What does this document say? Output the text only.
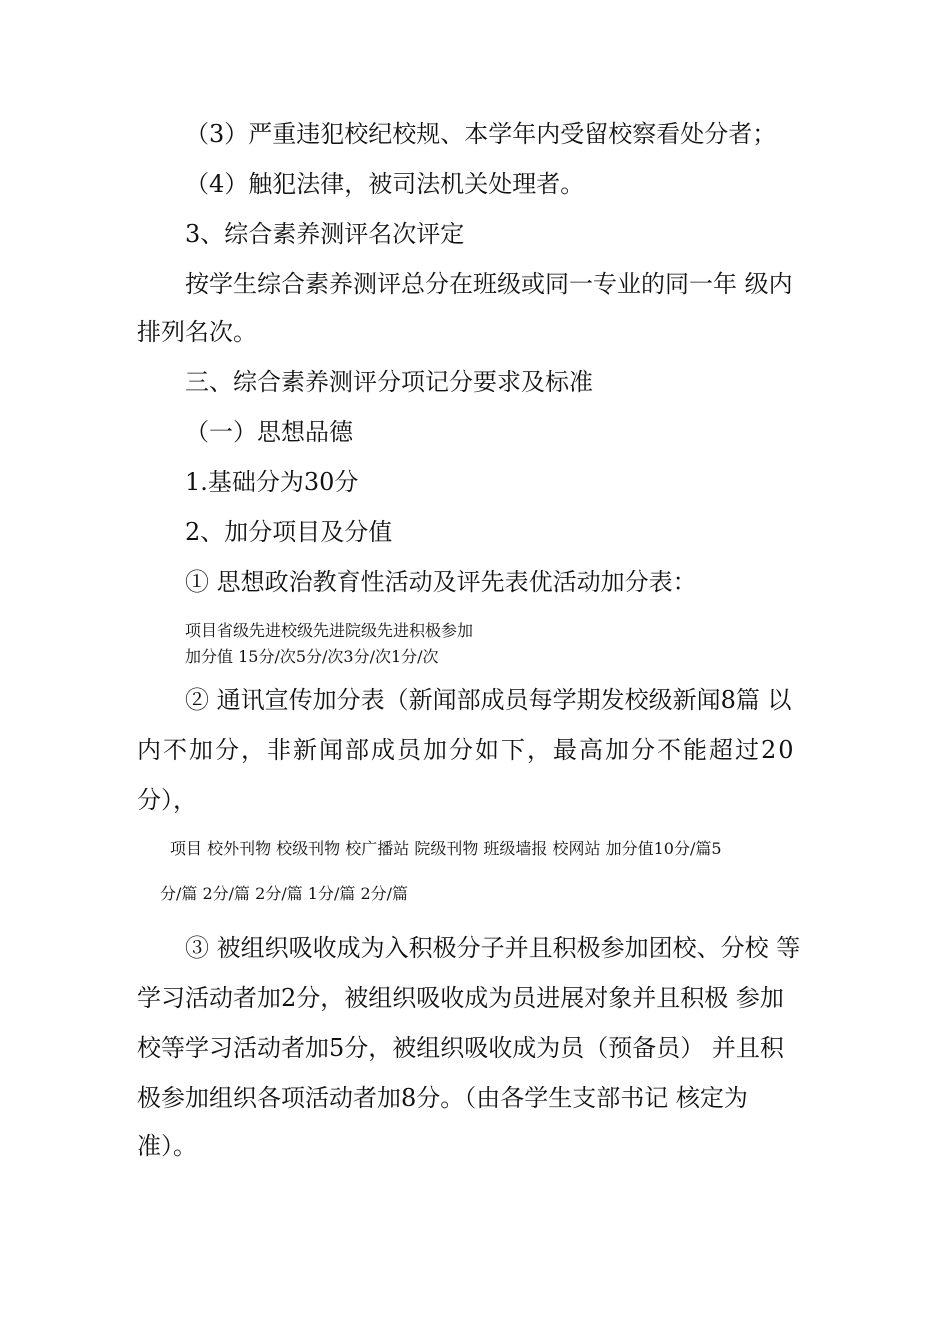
（3）严重违犯校纪校规、本学年内受留校察看处分者；
（4）触犯法律，被司法机关处理者。
3、综合素养测评名次评定
按学生综合素养测评总分在班级或同一专业的同一年 级内
排列名次。
三、综合素养测评分项记分要求及标准
（一）思想品德
1.基础分为30分
2、加分项目及分值
① 思想政治教育性活动及评先表优活动加分表：
项目省级先进校级先进院级先进积极参加
加分值 15分/次5分/次3分/次1分/次
② 通讯宣传加分表（新闻部成员每学期发校级新闻8篇 以
内不加分，非新闻部成员加分如下，最高加分不能超过20
分），
项目 校外刊物 校级刊物 校广播站 院级刊物 班级墙报 校网站 加分值10分/篇5
分/篇 2分/篇 2分/篇 1分/篇 2分/篇
③ 被组织吸收成为入积极分子并且积极参加团校、分校 等
学习活动者加2分，被组织吸收成为员进展对象并且积极 参加
校等学习活动者加5分，被组织吸收成为员（预备员） 并且积
极参加组织各项活动者加8分。（由各学生支部书记 核定为
准）。
